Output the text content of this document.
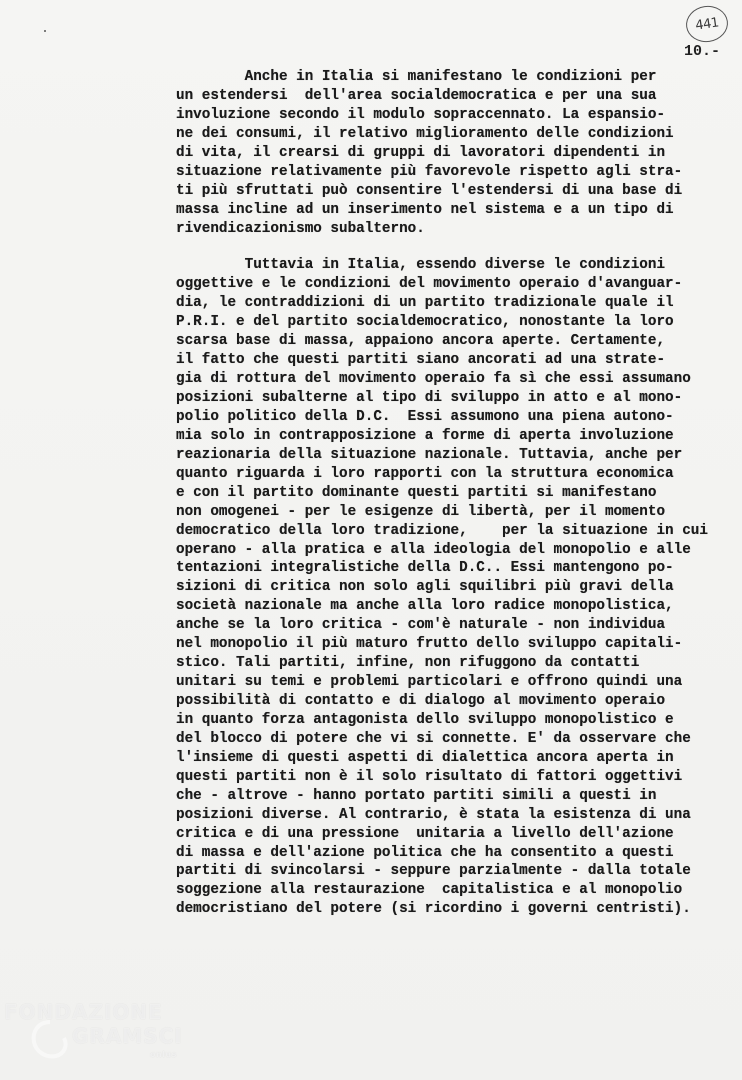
441
10.-
Anche in Italia si manifestano le condizioni per
un estendersi  dell'area socialdemocratica e per una sua
involuzione secondo il modulo sopraccennato. La espansio-
ne dei consumi, il relativo miglioramento delle condizioni
di vita, il crearsi di gruppi di lavoratori dipendenti in
situazione relativamente più favorevole rispetto agli stra-
ti più sfruttati può consentire l'estendersi di una base di
massa incline ad un inserimento nel sistema e a un tipo di
rivendicazionismo subalterno.
Tuttavia in Italia, essendo diverse le condizioni
oggettive e le condizioni del movimento operaio d'avanguar-
dia, le contraddizioni di un partito tradizionale quale il
P.R.I. e del partito socialdemocratico, nonostante la loro
scarsa base di massa, appaiono ancora aperte. Certamente,
il fatto che questi partiti siano ancorati ad una strate-
gia di rottura del movimento operaio fa sì che essi assumano
posizioni subalterne al tipo di sviluppo in atto e al mono-
polio politico della D.C.  Essi assumono una piena autono-
mia solo in contrapposizione a forme di aperta involuzione
reazionaria della situazione nazionale. Tuttavia, anche per
quanto riguarda i loro rapporti con la struttura economica
e con il partito dominante questi partiti si manifestano
non omogenei - per le esigenze di libertà, per il momento
democratico della loro tradizione,    per la situazione in cui
operano - alla pratica e alla ideologia del monopolio e alle
tentazioni integralistiche della D.C.. Essi mantengono po-
sizioni di critica non solo agli squilibri più gravi della
società nazionale ma anche alla loro radice monopolistica,
anche se la loro critica - com'è naturale - non individua
nel monopolio il più maturo frutto dello sviluppo capitali-
stico. Tali partiti, infine, non rifuggono da contatti
unitari su temi e problemi particolari e offrono quindi una
possibilità di contatto e di dialogo al movimento operaio
in quanto forza antagonista dello sviluppo monopolistico e
del blocco di potere che vi si connette. E' da osservare che
l'insieme di questi aspetti di dialettica ancora aperta in
questi partiti non è il solo risultato di fattori oggettivi
che - altrove - hanno portato partiti simili a questi in
posizioni diverse. Al contrario, è stata la esistenza di una
critica e di una pressione  unitaria a livello dell'azione
di massa e dell'azione politica che ha consentito a questi
partiti di svincolarsi - seppure parzialmente - dalla totale
soggezione alla restaurazione  capitalistica e al monopolio
democristiano del potere (si ricordino i governi centristi).
FONDAZIONE
GRAMSCI
onlus
